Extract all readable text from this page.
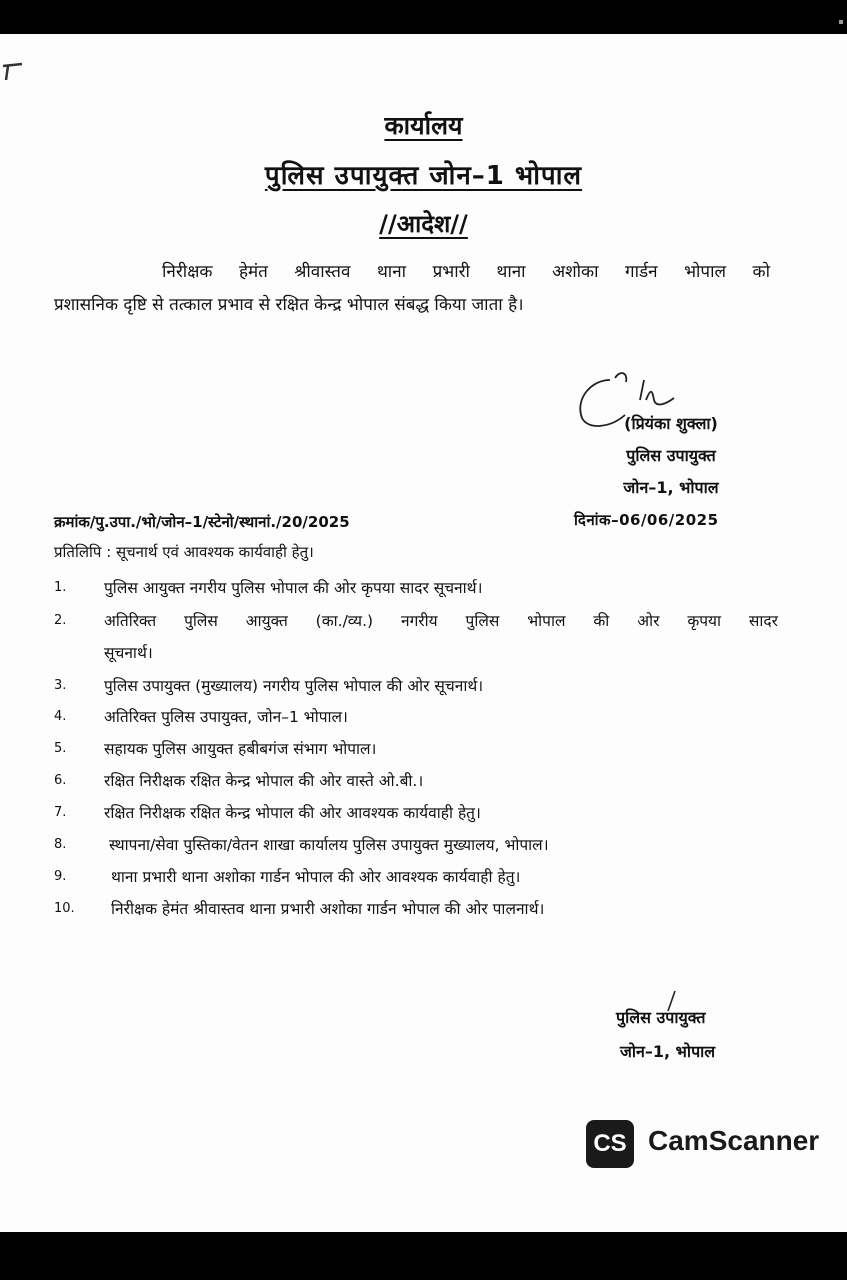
कार्यालय
पुलिस उपायुक्त जोन–1 भोपाल
//आदेश//
निरीक्षक हेमंत श्रीवास्तव थाना प्रभारी थाना अशोका गार्डन भोपाल को
प्रशासनिक दृष्टि से तत्काल प्रभाव से रक्षित केन्द्र भोपाल संबद्ध किया जाता है।
(प्रियंका शुक्ला)
पुलिस उपायुक्त
जोन–1, भोपाल
क्रमांक/पु.उपा./भो/जोन–1/स्टेनो/स्थानां./20/2025	दिनांक–06/06/2025
प्रतिलिपि : सूचनार्थ एवं आवश्यक कार्यवाही हेतु।
1.	पुलिस आयुक्त नगरीय पुलिस भोपाल की ओर कृपया सादर सूचनार्थ।
2.	अतिरिक्त पुलिस आयुक्त (का./व्य.) नगरीय पुलिस भोपाल की ओर कृपया सादर
सूचनार्थ।
3.	पुलिस उपायुक्त (मुख्यालय) नगरीय पुलिस भोपाल की ओर सूचनार्थ।
4.	अतिरिक्त पुलिस उपायुक्त, जोन–1 भोपाल।
5.	सहायक पुलिस आयुक्त हबीबगंज संभाग भोपाल।
6.	रक्षित निरीक्षक रक्षित केन्द्र भोपाल की ओर वास्ते ओ.बी.।
7.	रक्षित निरीक्षक रक्षित केन्द्र भोपाल की ओर आवश्यक कार्यवाही हेतु।
8.	स्थापना/सेवा पुस्तिका/वेतन शाखा कार्यालय पुलिस उपायुक्त मुख्यालय, भोपाल।
9.	थाना प्रभारी थाना अशोका गार्डन भोपाल की ओर आवश्यक कार्यवाही हेतु।
10.	निरीक्षक हेमंत श्रीवास्तव थाना प्रभारी अशोका गार्डन भोपाल की ओर पालनार्थ।
पुलिस उपायुक्त
जोन–1, भोपाल
CS CamScanner
